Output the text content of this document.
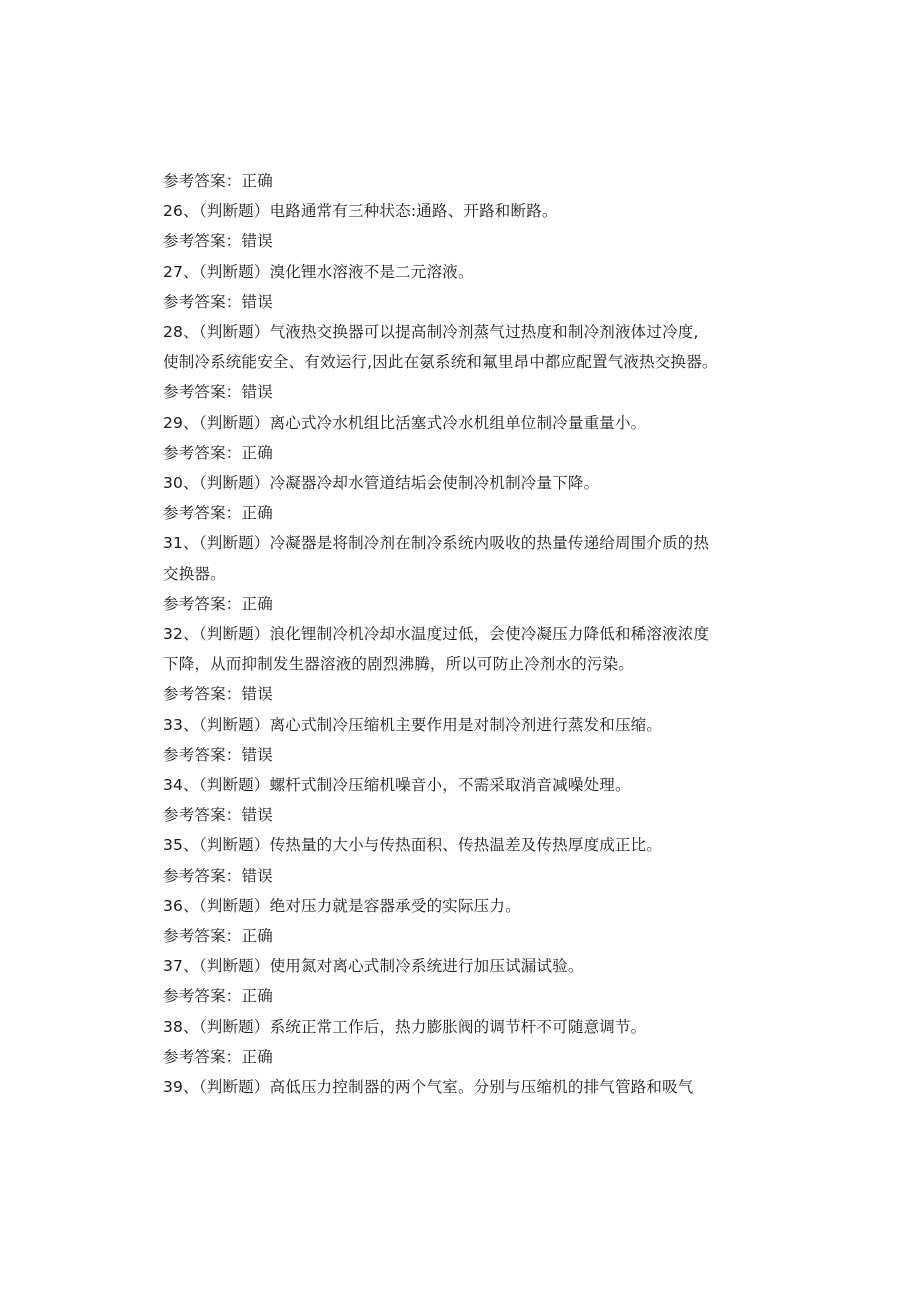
参考答案：正确
26、（判断题）电路通常有三种状态:通路、开路和断路。
参考答案：错误
27、（判断题）溴化锂水溶液不是二元溶液。
参考答案：错误
28、（判断题）气液热交换器可以提高制冷剂蒸气过热度和制冷剂液体过冷度,
使制冷系统能安全、有效运行,因此在氨系统和氟里昂中都应配置气液热交换器。
参考答案：错误
29、（判断题）离心式冷水机组比活塞式冷水机组单位制冷量重量小。
参考答案：正确
30、（判断题）冷凝器冷却水管道结垢会使制冷机制冷量下降。
参考答案：正确
31、（判断题）冷凝器是将制冷剂在制冷系统内吸收的热量传递给周围介质的热
交换器。
参考答案：正确
32、（判断题）浪化锂制冷机冷却水温度过低，会使冷凝压力降低和稀溶液浓度
下降，从而抑制发生器溶液的剧烈沸腾，所以可防止冷剂水的污染。
参考答案：错误
33、（判断题）离心式制冷压缩机主要作用是对制冷剂进行蒸发和压缩。
参考答案：错误
34、（判断题）螺杆式制冷压缩机噪音小，不需采取消音减噪处理。
参考答案：错误
35、（判断题）传热量的大小与传热面积、传热温差及传热厚度成正比。
参考答案：错误
36、（判断题）绝对压力就是容器承受的实际压力。
参考答案：正确
37、（判断题）使用氮对离心式制冷系统进行加压试漏试验。
参考答案：正确
38、（判断题）系统正常工作后，热力膨胀阀的调节杆不可随意调节。
参考答案：正确
39、（判断题）高低压力控制器的两个气室。分别与压缩机的排气管路和吸气
